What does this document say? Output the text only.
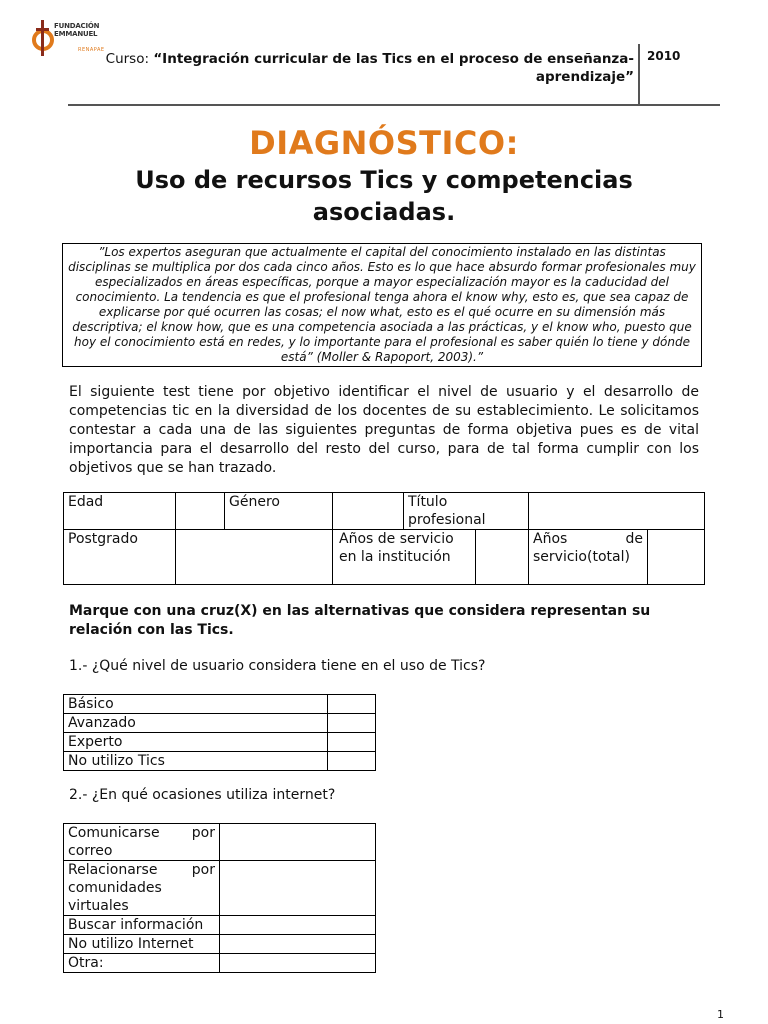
FUNDACIÓN
EMMANUEL
RENAPAE
Curso: “Integración curricular de las Tics en el proceso de enseñanza-
aprendizaje”
2010
DIAGNÓSTICO:
Uso de recursos Tics y competencias
asociadas.
”Los expertos aseguran que actualmente el capital del conocimiento instalado en las distintas disciplinas se multiplica por dos cada cinco años. Esto es lo que hace absurdo formar profesionales muy especializados en áreas específicas, porque a mayor especialización mayor es la caducidad del conocimiento. La tendencia es que el profesional tenga ahora el know why, esto es, que sea capaz de explicarse por qué ocurren las cosas; el now what, esto es el qué ocurre en su dimensión más descriptiva; el know how, que es una competencia asociada a las prácticas, y el know who, puesto que hoy el conocimiento está en redes, y lo importante para el profesional es saber quién lo tiene y dónde está” (Moller & Rapoport, 2003).”
El siguiente test tiene por objetivo identificar el nivel de usuario y el desarrollo de competencias tic en la diversidad de los docentes de su establecimiento. Le solicitamos contestar a cada una de las siguientes preguntas de forma objetiva pues es de vital importancia para el desarrollo del resto del curso, para de tal forma cumplir con los objetivos que se han trazado.
Edad		Género		Título profesional			
Postgrado			Años de servicio en la institución			Años de servicio(total)	
Marque con una cruz(X) en las alternativas que considera representan su relación con las Tics.
1.- ¿Qué nivel de usuario considera tiene en el uso de Tics?
Básico	
Avanzado	
Experto	
No utilizo Tics	
2.- ¿En qué ocasiones utiliza internet?
Comunicarse por correo	
Relacionarse por comunidades virtuales	
Buscar información	
No utilizo Internet	
Otra:	
1
